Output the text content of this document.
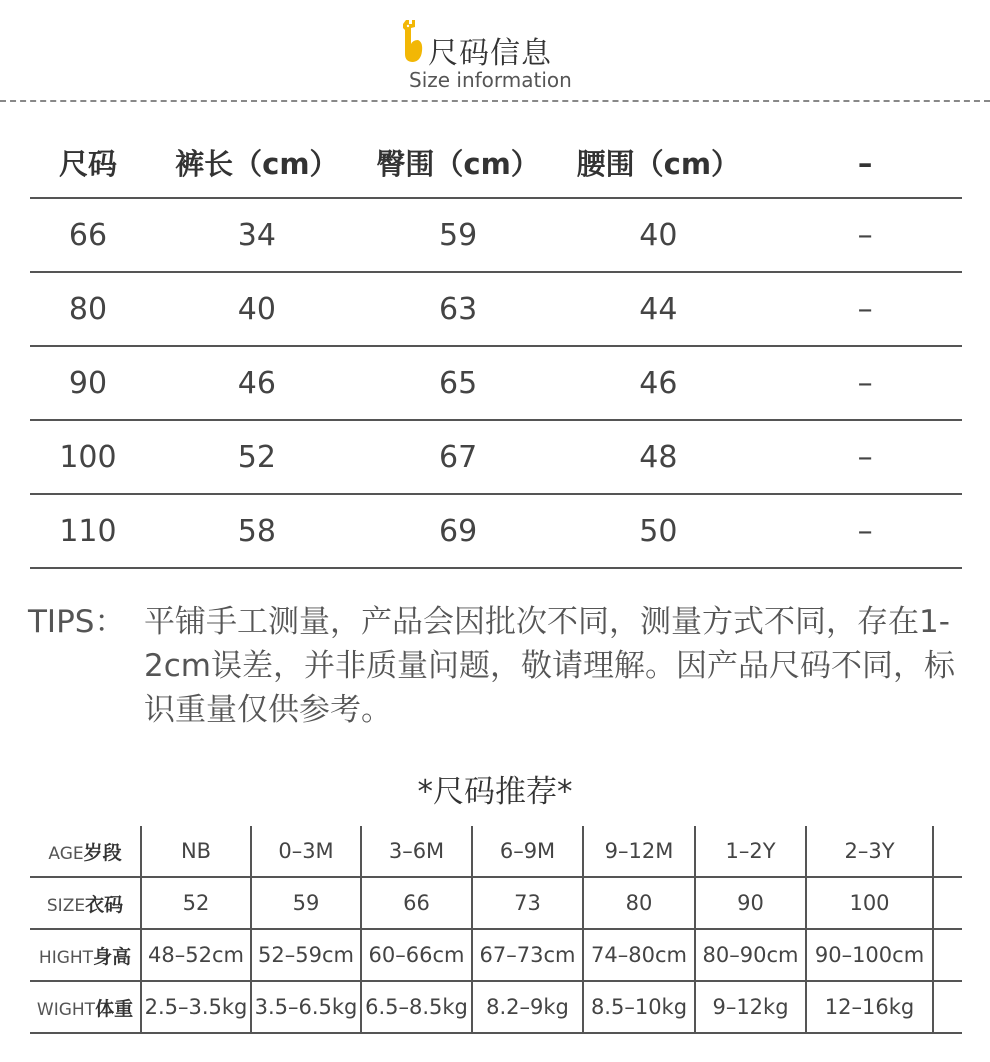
尺码信息
Size information
尺码	裤长（cm）	臀围（cm）	腰围（cm）	–
66	34	59	40	–
80	40	63	44	–
90	46	65	46	–
100	52	67	48	–
110	58	69	50	–
TIPS： 平铺手工测量，产品会因批次不同，测量方式不同，存在1-2cm误差，并非质量问题，敬请理解。因产品尺码不同，标识重量仅供参考。
*尺码推荐*
AGE岁段	NB	0–3M	3–6M	6–9M	9–12M	1–2Y	2–3Y	
SIZE衣码	52	59	66	73	80	90	100	
HIGHT身高	48–52cm	52–59cm	60–66cm	67–73cm	74–80cm	80–90cm	90–100cm	
WIGHT体重	2.5–3.5kg	3.5–6.5kg	6.5–8.5kg	8.2–9kg	8.5–10kg	9–12kg	12–16kg	
